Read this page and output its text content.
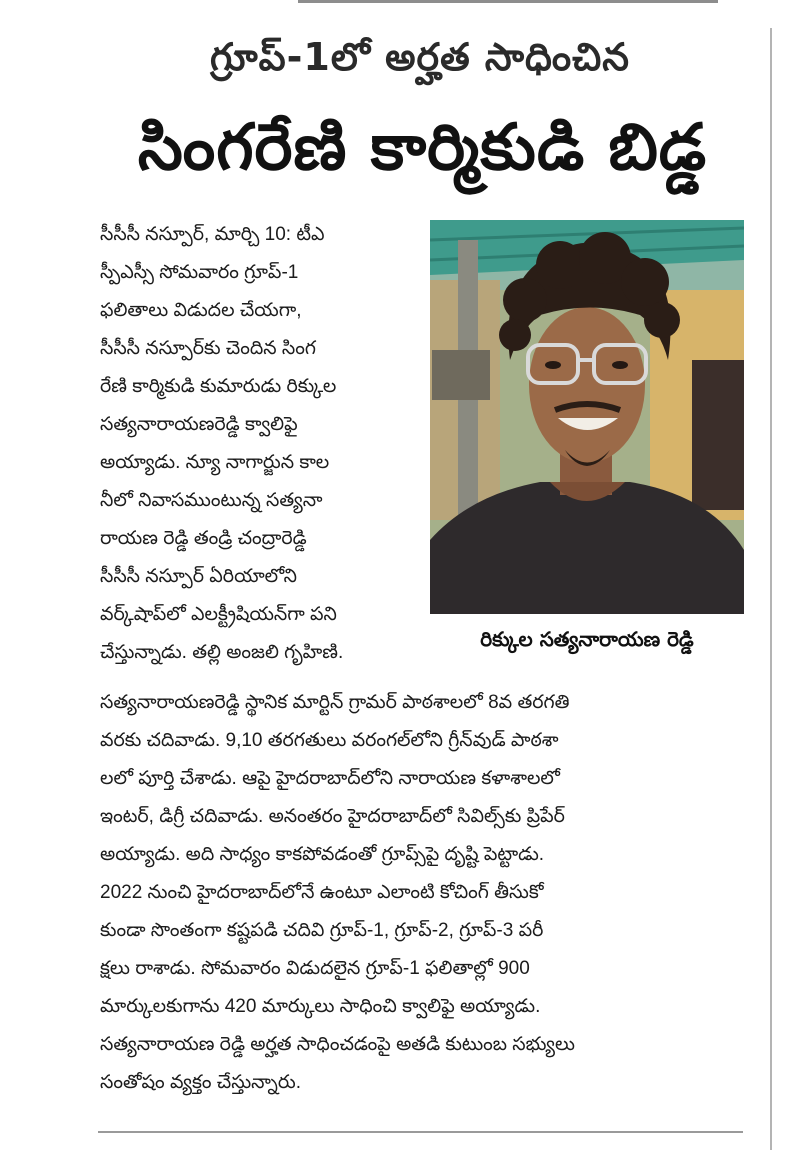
గ్రూప్-1లో అర్హత సాధించిన
సింగరేణి కార్మికుడి బిడ్డ
రిక్కుల సత్యనారాయణ రెడ్డి
సీసీసీ నస్పూర్, మార్చి 10: టీఎ
స్పీఎస్సీ సోమవారం గ్రూప్-1
ఫలితాలు విడుదల చేయగా,
సీసీసీ నస్పూర్‌కు చెందిన సింగ
రేణి కార్మికుడి కుమారుడు రిక్కుల
సత్యనారాయణరెడ్డి క్వాలిఫై
అయ్యాడు. న్యూ నాగార్జున కాల
నీలో నివాసముంటున్న సత్యనా
రాయణ రెడ్డి తండ్రి చంద్రారెడ్డి
సీసీసీ నస్పూర్ ఏరియాలోని
వర్క్‌షాప్‌లో ఎలక్ట్రీషియన్‌గా పని
చేస్తున్నాడు. తల్లి అంజలి గృహిణి.
సత్యనారాయణరెడ్డి స్థానిక మార్టిన్ గ్రామర్ పాఠశాలలో 8వ తరగతి
వరకు చదివాడు. 9,10 తరగతులు వరంగల్‌లోని గ్రీన్‌వుడ్ పాఠశా
లలో పూర్తి చేశాడు. ఆపై హైదరాబాద్‌లోని నారాయణ కళాశాలలో
ఇంటర్, డిగ్రీ చదివాడు. అనంతరం హైదరాబాద్‌లో సివిల్స్‌కు ప్రిపేర్
అయ్యాడు. అది సాధ్యం కాకపోవడంతో గ్రూప్స్‌పై దృష్టి పెట్టాడు.
2022 నుంచి హైదరాబాద్‌లోనే ఉంటూ ఎలాంటి కోచింగ్ తీసుకో
కుండా సొంతంగా కష్టపడి చదివి గ్రూప్-1, గ్రూప్-2, గ్రూప్-3 పరీ
క్షలు రాశాడు. సోమవారం విడుదలైన గ్రూప్-1 ఫలితాల్లో 900
మార్కులకుగాను 420 మార్కులు సాధించి క్వాలిఫై అయ్యాడు.
సత్యనారాయణ రెడ్డి అర్హత సాధించడంపై అతడి కుటుంబ సభ్యులు
సంతోషం వ్యక్తం చేస్తున్నారు.
